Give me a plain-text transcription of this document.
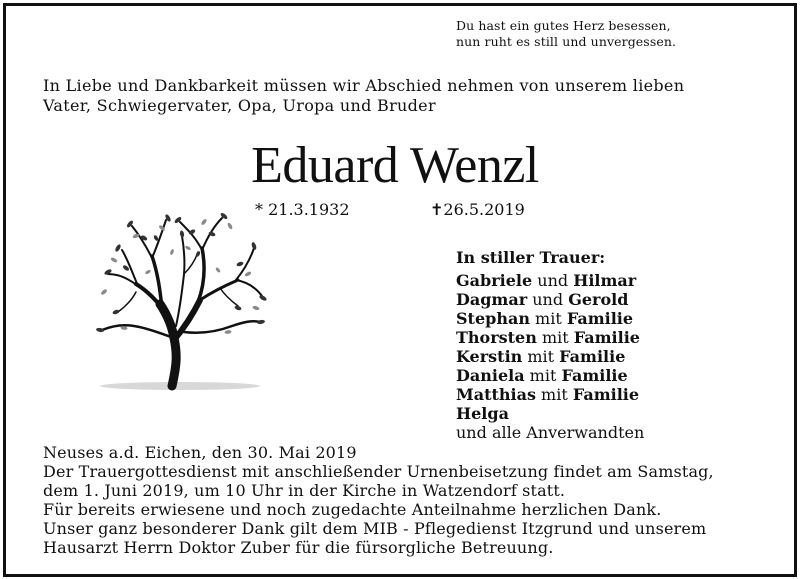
Du hast ein gutes Herz besessen,
nun ruht es still und unvergessen.
In Liebe und Dankbarkeit müssen wir Abschied nehmen von unserem lieben
Vater, Schwiegervater, Opa, Uropa und Bruder
Eduard Wenzl
* 21.3.1932	✝26.5.2019
In stiller Trauer:
Gabriele und Hilmar
Dagmar und Gerold
Stephan mit Familie
Thorsten mit Familie
Kerstin mit Familie
Daniela mit Familie
Matthias mit Familie
Helga
und alle Anverwandten
Neuses a.d. Eichen, den 30. Mai 2019
Der Trauergottesdienst mit anschließender Urnenbeisetzung findet am Samstag,
dem 1. Juni 2019, um 10 Uhr in der Kirche in Watzendorf statt.
Für bereits erwiesene und noch zugedachte Anteilnahme herzlichen Dank.
Unser ganz besonderer Dank gilt dem MIB - Pflegedienst Itzgrund und unserem
Hausarzt Herrn Doktor Zuber für die fürsorgliche Betreuung.
